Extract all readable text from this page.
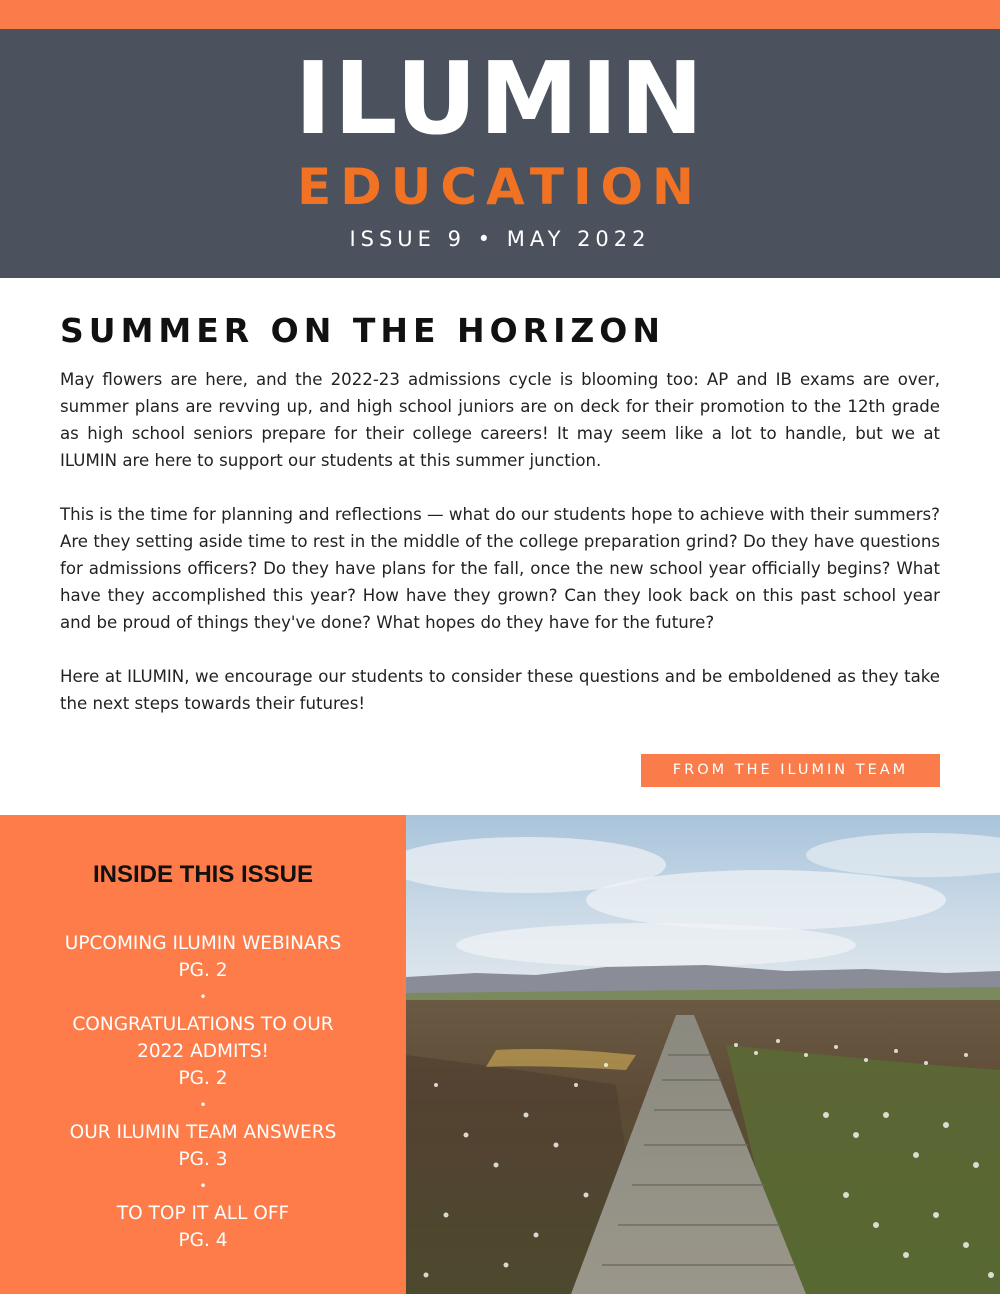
ILUMIN
EDUCATION
ISSUE 9 • MAY 2022
SUMMER ON THE HORIZON

May flowers are here, and the 2022-23 admissions cycle is blooming too: AP and IB exams are over, summer plans are revving up, and high school juniors are on deck for their promotion to the 12th grade as high school seniors prepare for their college careers! It may seem like a lot to handle, but we at ILUMIN are here to support our students at this summer junction.

This is the time for planning and reflections — what do our students hope to achieve with their summers? Are they setting aside time to rest in the middle of the college preparation grind? Do they have questions for admissions officers? Do they have plans for the fall, once the new school year officially begins? What have they accomplished this year? How have they grown? Can they look back on this past school year and be proud of things they've done? What hopes do they have for the future?

Here at ILUMIN, we encourage our students to consider these questions and be emboldened as they take the next steps towards their futures!

FROM THE ILUMIN TEAM
INSIDE THIS ISSUE
UPCOMING ILUMIN WEBINARS
PG. 2
•
CONGRATULATIONS TO OUR
2022 ADMITS!
PG. 2
•
OUR ILUMIN TEAM ANSWERS
PG. 3
•
TO TOP IT ALL OFF
PG. 4
